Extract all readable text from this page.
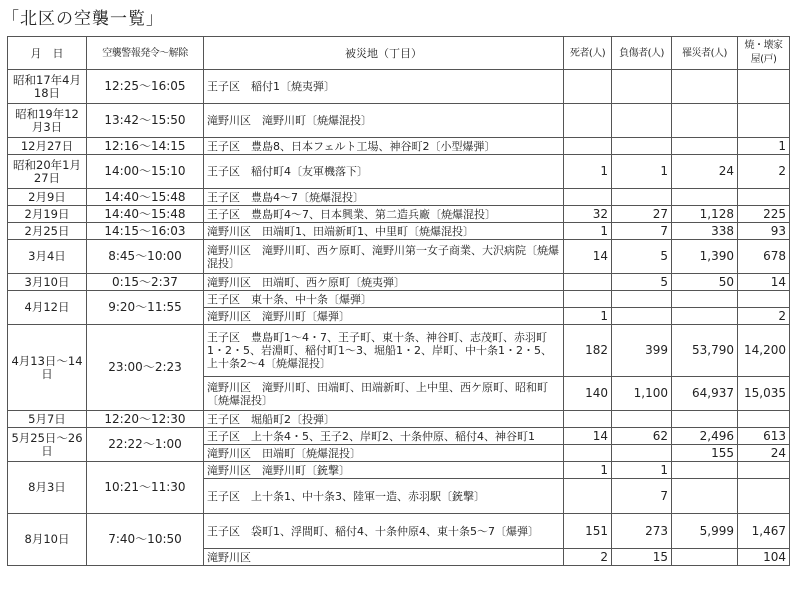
「北区の空襲一覧」
月　日	空襲警報発令～解除	被災地（丁目）	死者(人)	負傷者(人)	罹災者(人)	焼・壊家屋(戸)
昭和17年4月18日	12:25～16:05	王子区　稲付1〔焼夷弾〕				
昭和19年12月3日	13:42～15:50	滝野川区　滝野川町〔焼爆混投〕				
12月27日	12:16～14:15	王子区　豊島8、日本フェルト工場、神谷町2〔小型爆弾〕				1
昭和20年1月27日	14:00～15:10	王子区　稲付町4〔友軍機落下〕	1	1	24	2
2月9日	14:40～15:48	王子区　豊島4～7〔焼爆混投〕				
2月19日	14:40～15:48	王子区　豊島町4～7、日本興業、第二造兵廠〔焼爆混投〕	32	27	1,128	225
2月25日	14:15～16:03	滝野川区　田端町1、田端新町1、中里町〔焼爆混投〕	1	7	338	93
3月4日	8:45～10:00	滝野川区　滝野川町、西ケ原町、滝野川第一女子商業、大沢病院〔焼爆混投〕	14	5	1,390	678
3月10日	0:15～2:37	滝野川区　田端町、西ケ原町〔焼夷弾〕		5	50	14
4月12日	9:20～11:55	王子区　東十条、中十条〔爆弾〕				
		滝野川区　滝野川町〔爆弾〕	1			2
4月13日～14日	23:00～2:23	王子区　豊島町1～4・7、王子町、東十条、神谷町、志茂町、赤羽町1・2・5、岩淵町、稲付町1～3、堀船1・2、岸町、中十条1・2・5、上十条2～4〔焼爆混投〕	182	399	53,790	14,200
		滝野川区　滝野川町、田端町、田端新町、上中里、西ケ原町、昭和町〔焼爆混投〕	140	1,100	64,937	15,035
5月7日	12:20～12:30	王子区　堀船町2〔投弾〕				
5月25日～26日	22:22～1:00	王子区　上十条4・5、王子2、岸町2、十条仲原、稲付4、神谷町1	14	62	2,496	613
		滝野川区　田端町〔焼爆混投〕			155	24
8月3日	10:21～11:30	滝野川区　滝野川町〔銃撃〕	1	1		
		王子区　上十条1、中十条3、陸軍一造、赤羽駅〔銃撃〕		7		
8月10日	7:40～10:50	王子区　袋町1、浮間町、稲付4、十条仲原4、東十条5～7〔爆弾〕	151	273	5,999	1,467
		滝野川区	2	15		104
